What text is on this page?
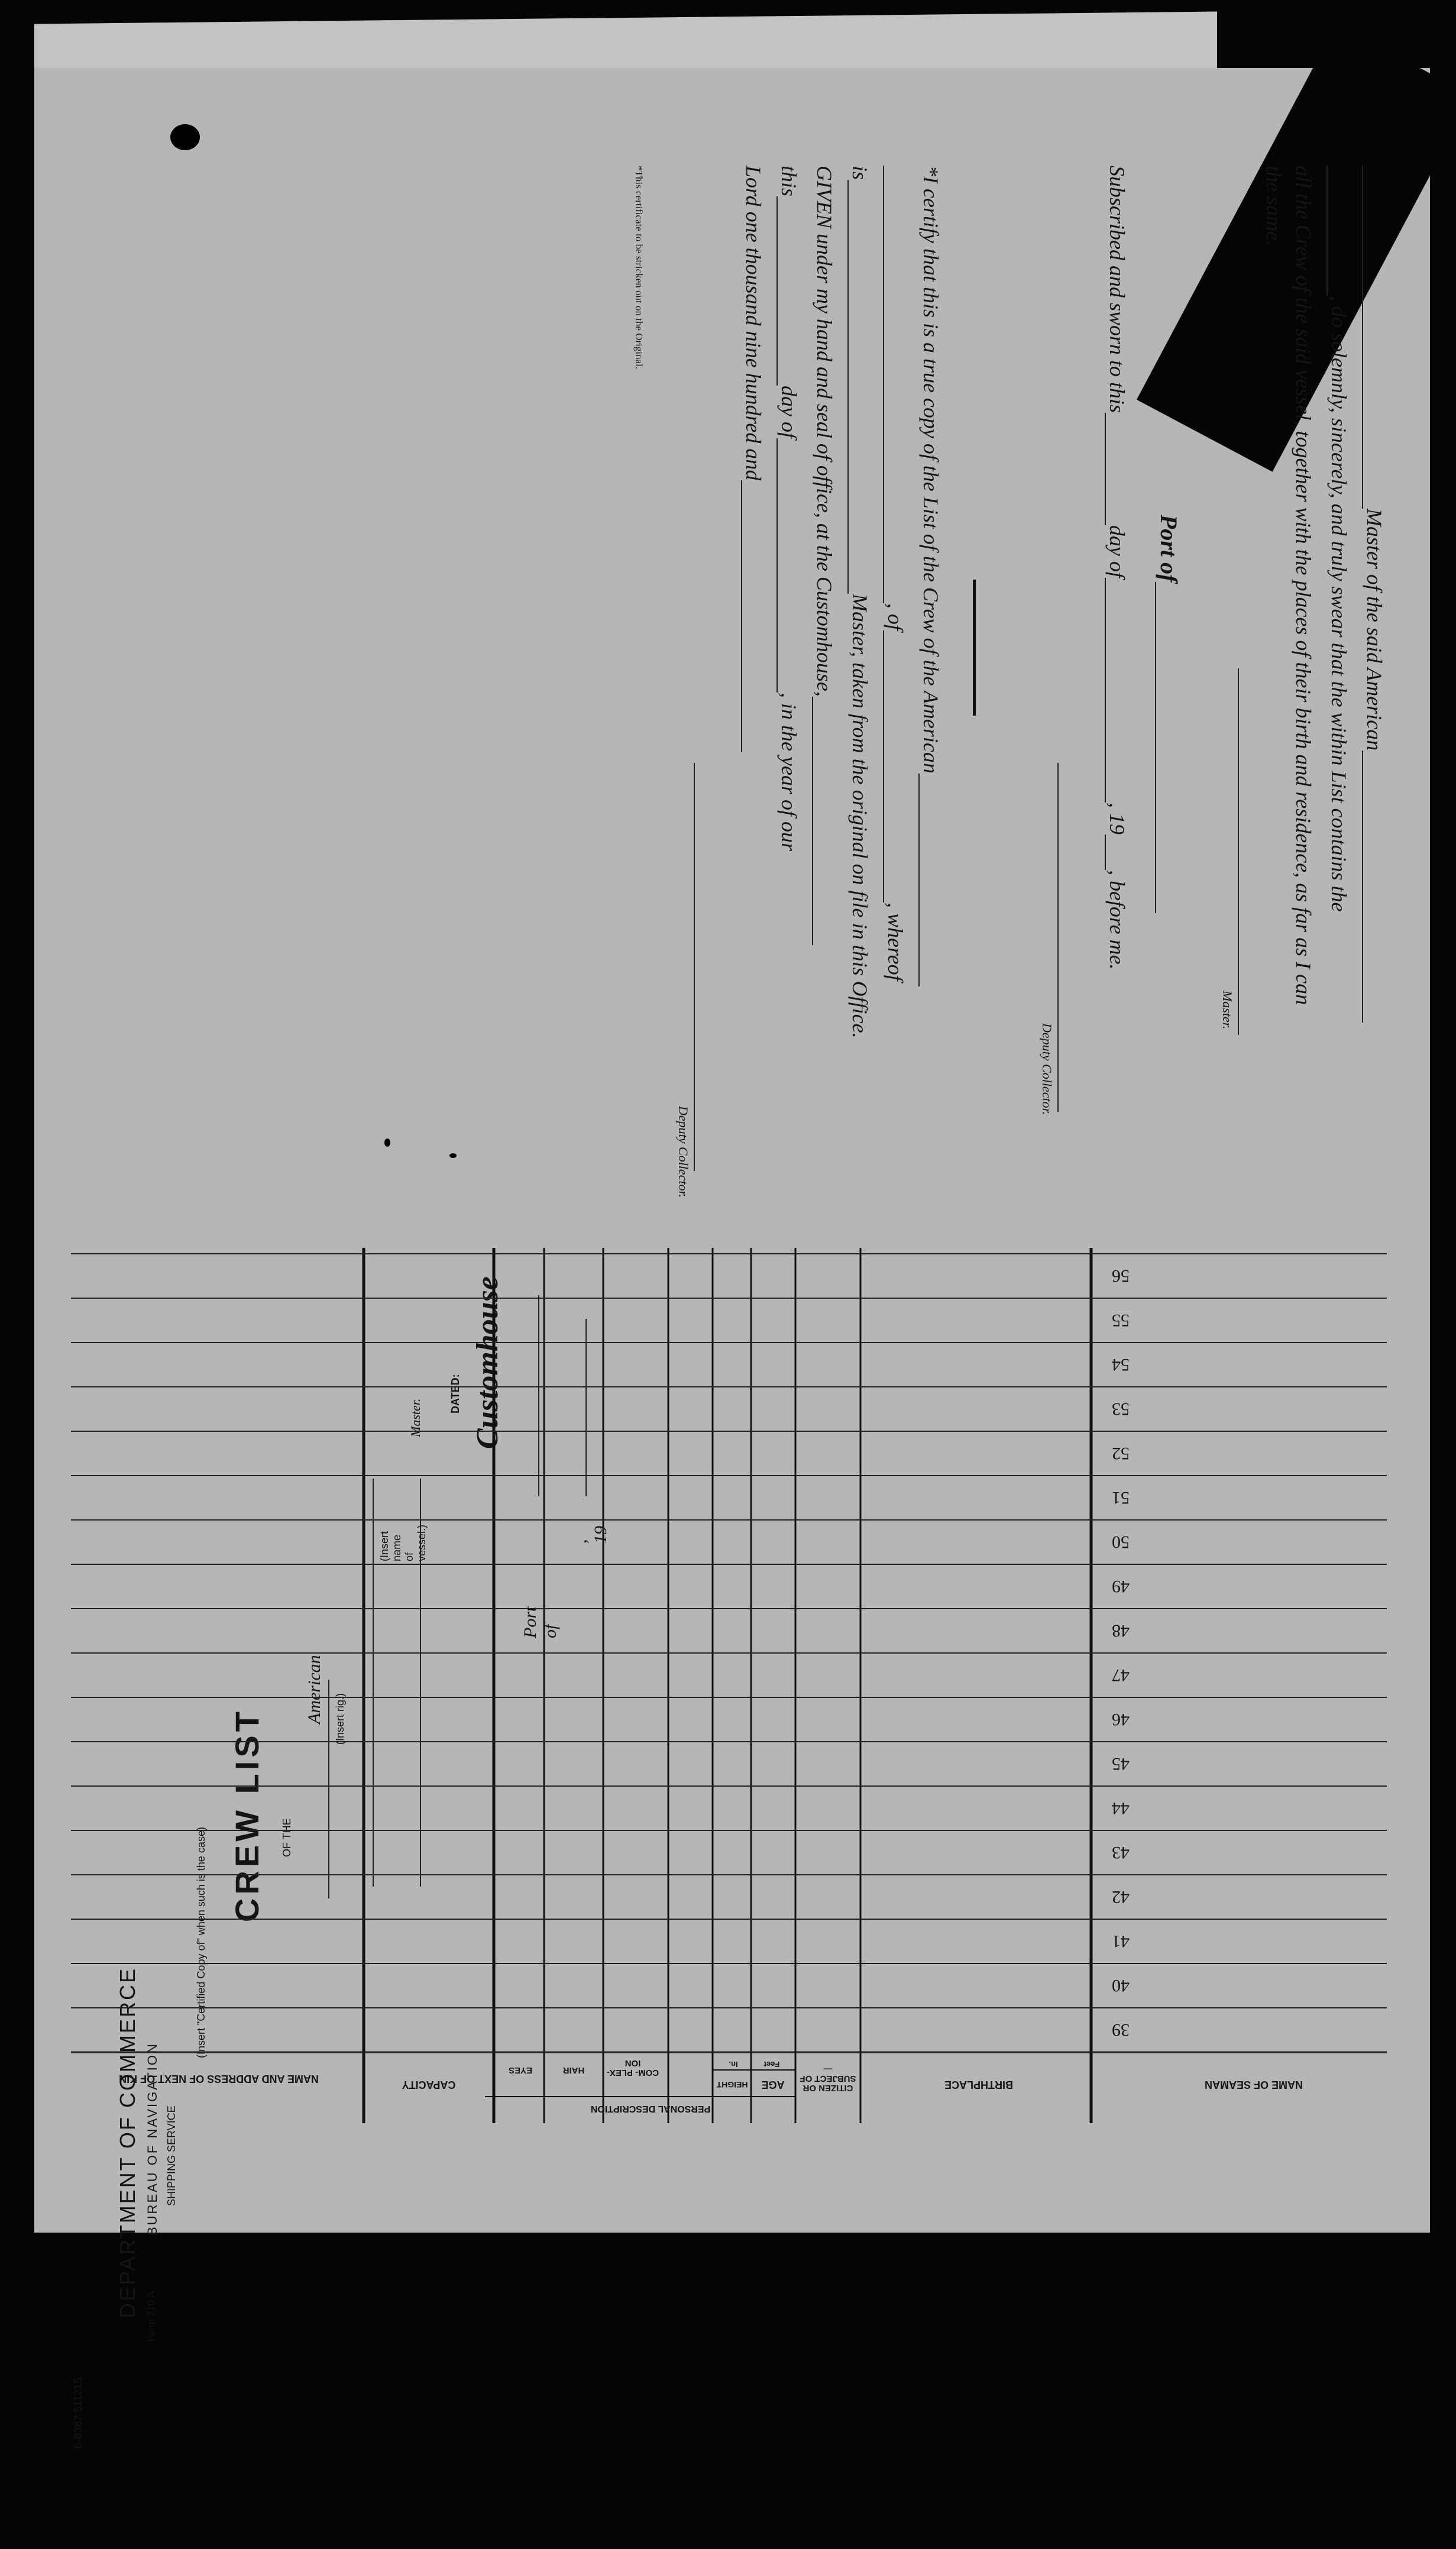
Master of the said American
, do solemnly, sincerely, and truly swear that the within List contains the
all the Crew of the said vessel, together with the places of their birth and residence, as far as I can
the same.
Master.
Port of
Subscribed and sworn to thisday of, 19, before me.
Deputy Collector.
*I certify that this is a true copy of the List of the Crew of the American
, of, whereof
isMaster, taken from the original on file in this Office.
GIVEN under my hand and seal of office, at the Customhouse,
thisday of, in the year of our
Lord one thousand nine hundred and
Deputy Collector.
*This certificate to be stricken out on the Original.
6-8387 511215
Form 710 A
DEPARTMENT OF COMMERCE BUREAU OF NAVIGATION SHIPPING SERVICE
(Insert "Certified Copy of" when such is the case)
CREW LIST OF THE
American (Insert rig.)
(Insert name of vessel.)
Master.
DATED: Customhouse
Port of
, 19
39
40
41
42
43
44
45
46
47
48
49
50
51
52
53
54
55
56
NAME OF SEAMAN
BIRTHPLACE
CITIZEN OR SUBJECT OF—
AGE
PERSONAL DESCRIPTION
HEIGHT
Feet
In.
COM- PLEX- ION
HAIR
EYES
CAPACITY
NAME AND ADDRESS OF NEXT OF KIN
